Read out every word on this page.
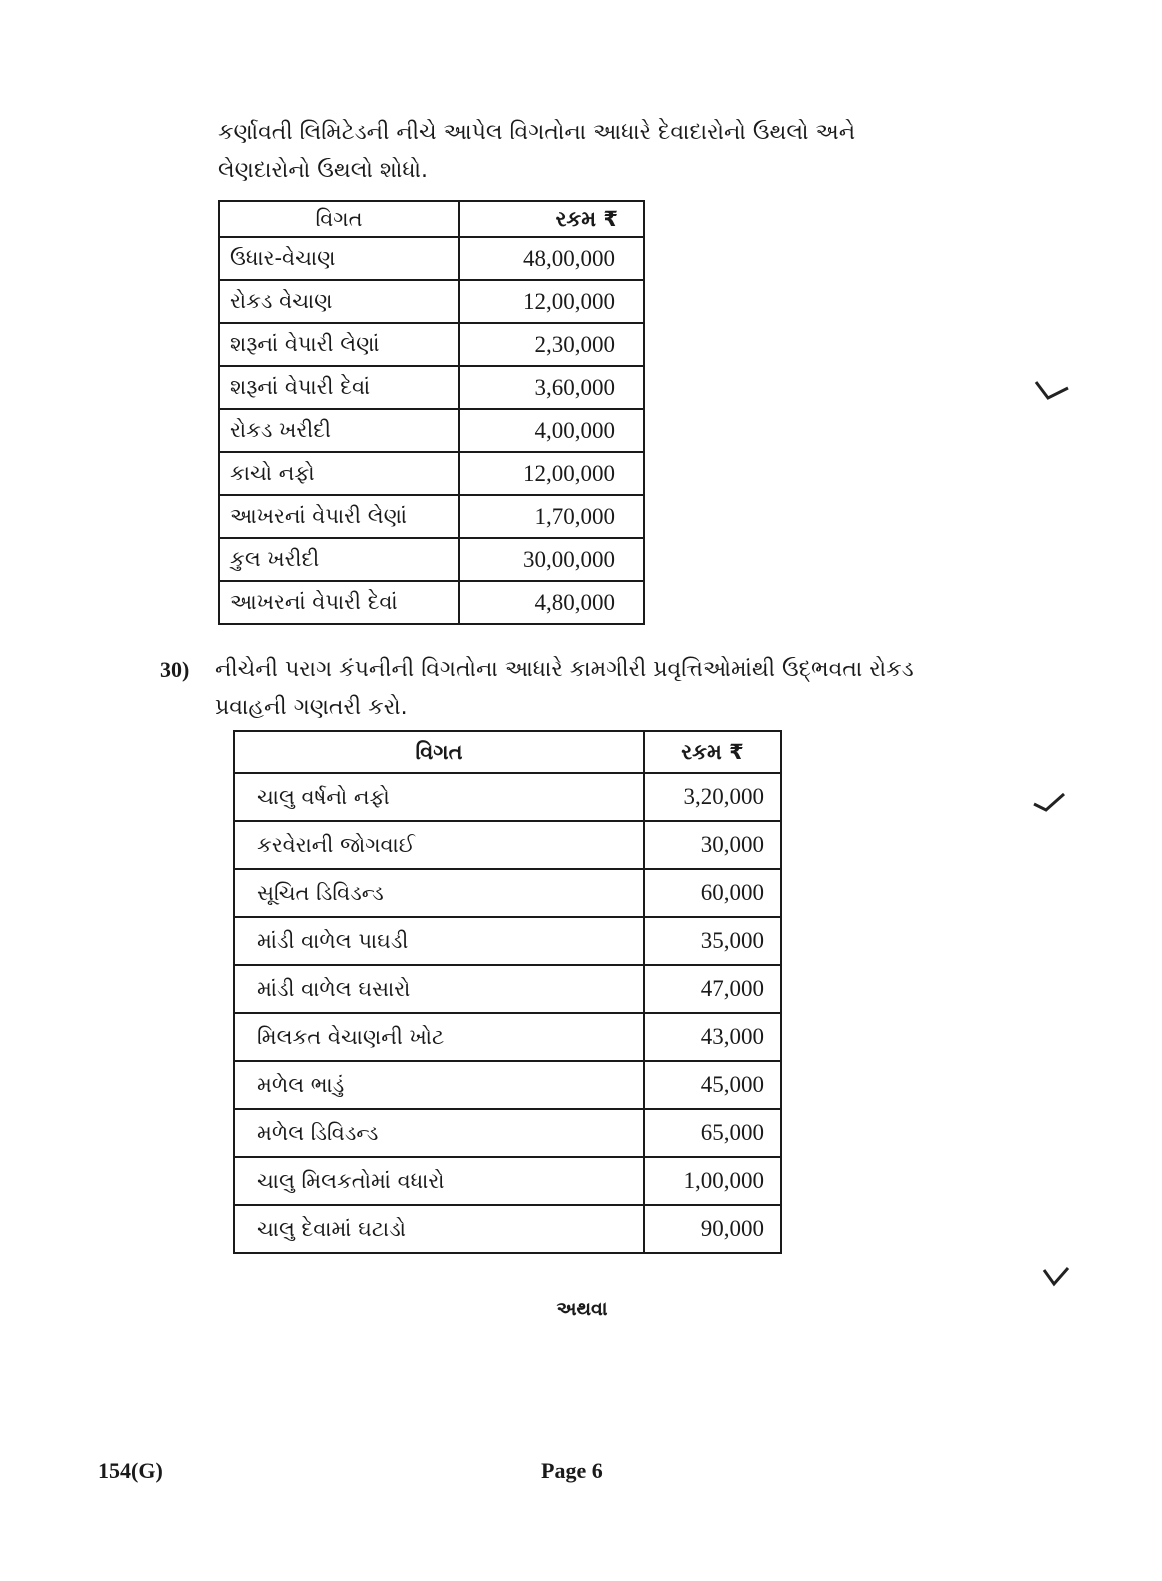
કર્ણાવતી લિમિટેડની નીચે આપેલ વિગતોના આધારે દેવાદારોનો ઉથલો અને લેણદારોનો ઉથલો શોધો.
વિગત	રકમ ₹
ઉધાર-વેચાણ	48,00,000
રોકડ વેચાણ	12,00,000
શરૂનાં વેપારી લેણાં	2,30,000
શરૂનાં વેપારી દેવાં	3,60,000
રોકડ ખરીદી	4,00,000
કાચો નફો	12,00,000
આખરનાં વેપારી લેણાં	1,70,000
કુલ ખરીદી	30,00,000
આખરનાં વેપારી દેવાં	4,80,000
30) નીચેની પરાગ કંપનીની વિગતોના આધારે કામગીરી પ્રવૃત્તિઓમાંથી ઉદ્‌ભવતા રોકડ પ્રવાહની ગણતરી કરો.
વિગત	રકમ ₹
ચાલુ વર્ષનો નફો	3,20,000
કરવેરાની જોગવાઈ	30,000
સૂચિત ડિવિડન્ડ	60,000
માંડી વાળેલ પાઘડી	35,000
માંડી વાળેલ ઘસારો	47,000
મિલકત વેચાણની ખોટ	43,000
મળેલ ભાડું	45,000
મળેલ ડિવિડન્ડ	65,000
ચાલુ મિલકતોમાં વધારો	1,00,000
ચાલુ દેવામાં ઘટાડો	90,000
અથવા
154(G)	Page 6
